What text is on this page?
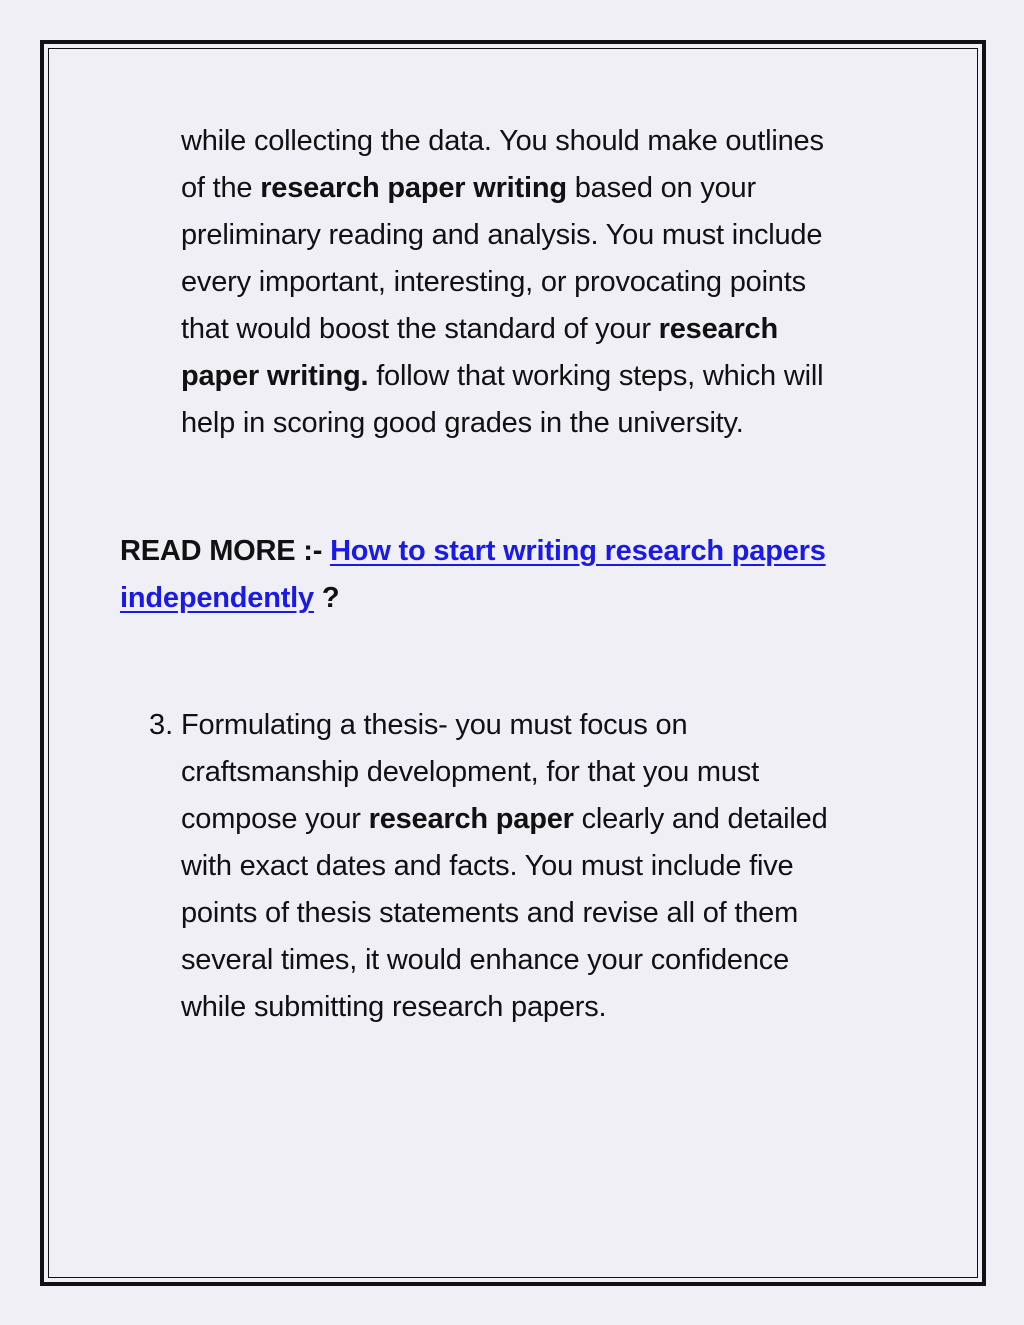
while collecting the data. You should make outlines
of the research paper writing based on your
preliminary reading and analysis. You must include
every important, interesting, or provocating points
that would boost the standard of your research
paper writing. follow that working steps, which will
help in scoring good grades in the university.
READ MORE :- How to start writing research papers
independently ?
3. Formulating a thesis- you must focus on
craftsmanship development, for that you must
compose your research paper clearly and detailed
with exact dates and facts. You must include five
points of thesis statements and revise all of them
several times, it would enhance your confidence
while submitting research papers.
